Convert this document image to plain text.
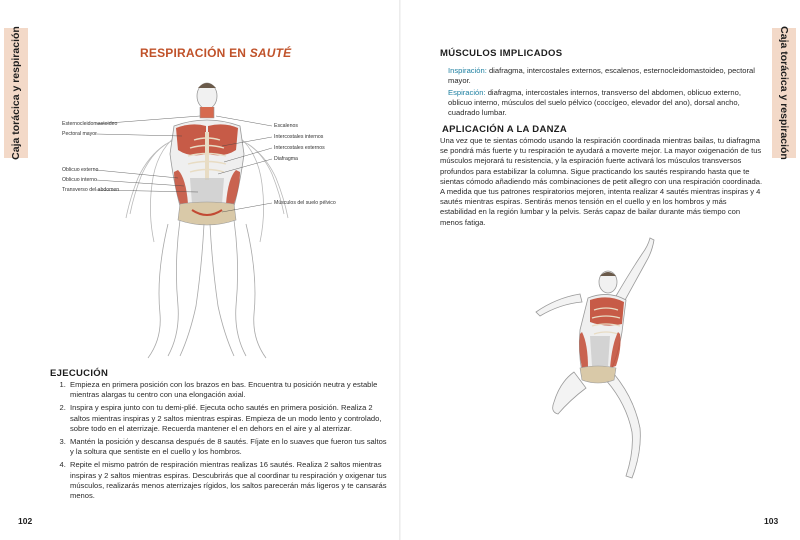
Caja torácica y respiración	RESPIRACIÓN EN SAUTÉ
Esternocleidomastoideo
Pectoral mayor
Oblicuo externo
Oblicuo interno
Transverso del abdomen
Escalenos
Intercostales internos
Intercostales externos
Diafragma
Músculos del suelo pélvico
EJECUCIÓN
1. Empieza en primera posición con los brazos en bas. Encuentra tu posición neutra y estable mientras alargas tu centro con una elongación axial.
2. Inspira y espira junto con tu demi-plié. Ejecuta ocho sautés en primera posición. Realiza 2 saltos mientras inspiras y 2 saltos mientras espiras. Empieza de un modo lento y controlado, sobre todo en el aterrizaje. Recuerda mantener el en dehors en el aire y al aterrizar.
3. Mantén la posición y descansa después de 8 sautés. Fíjate en lo suaves que fueron tus saltos y la soltura que sentiste en el cuello y los hombros.
4. Repite el mismo patrón de respiración mientras realizas 16 sautés. Realiza 2 saltos mientras inspiras y 2 saltos mientras espiras. Descubrirás que al coordinar tu respiración y oxigenar tus músculos, realizarás menos aterrizajes rígidos, los saltos parecerán más ligeros y te cansarás menos.
102
Caja torácica y respiración
MÚSCULOS IMPLICADOS
Inspiración: diafragma, intercostales externos, escalenos, esternocleidomastoideo, pectoral mayor.
Espiración: diafragma, intercostales internos, transverso del abdomen, oblicuo externo, oblicuo interno, músculos del suelo pélvico (coccígeo, elevador del ano), dorsal ancho, cuadrado lumbar.
APLICACIÓN A LA DANZA
Una vez que te sientas cómodo usando la respiración coordinada mientras bailas, tu diafragma se pondrá más fuerte y tu respiración te ayudará a moverte mejor. La mayor oxigenación de tus músculos mejorará tu resistencia, y la espiración fuerte activará los músculos transversos profundos para estabilizar la columna. Sigue practicando los sautés respirando hasta que te sientas cómodo añadiendo más combinaciones de petit allegro con una respiración coordinada. A medida que tus patrones respiratorios mejoren, intenta realizar 4 sautés mientras inspiras y 4 sautés mientras espiras. Sentirás menos tensión en el cuello y en los hombros y más estabilidad en la región lumbar y la pelvis. Serás capaz de bailar durante más tiempo con menos fatiga.
103
